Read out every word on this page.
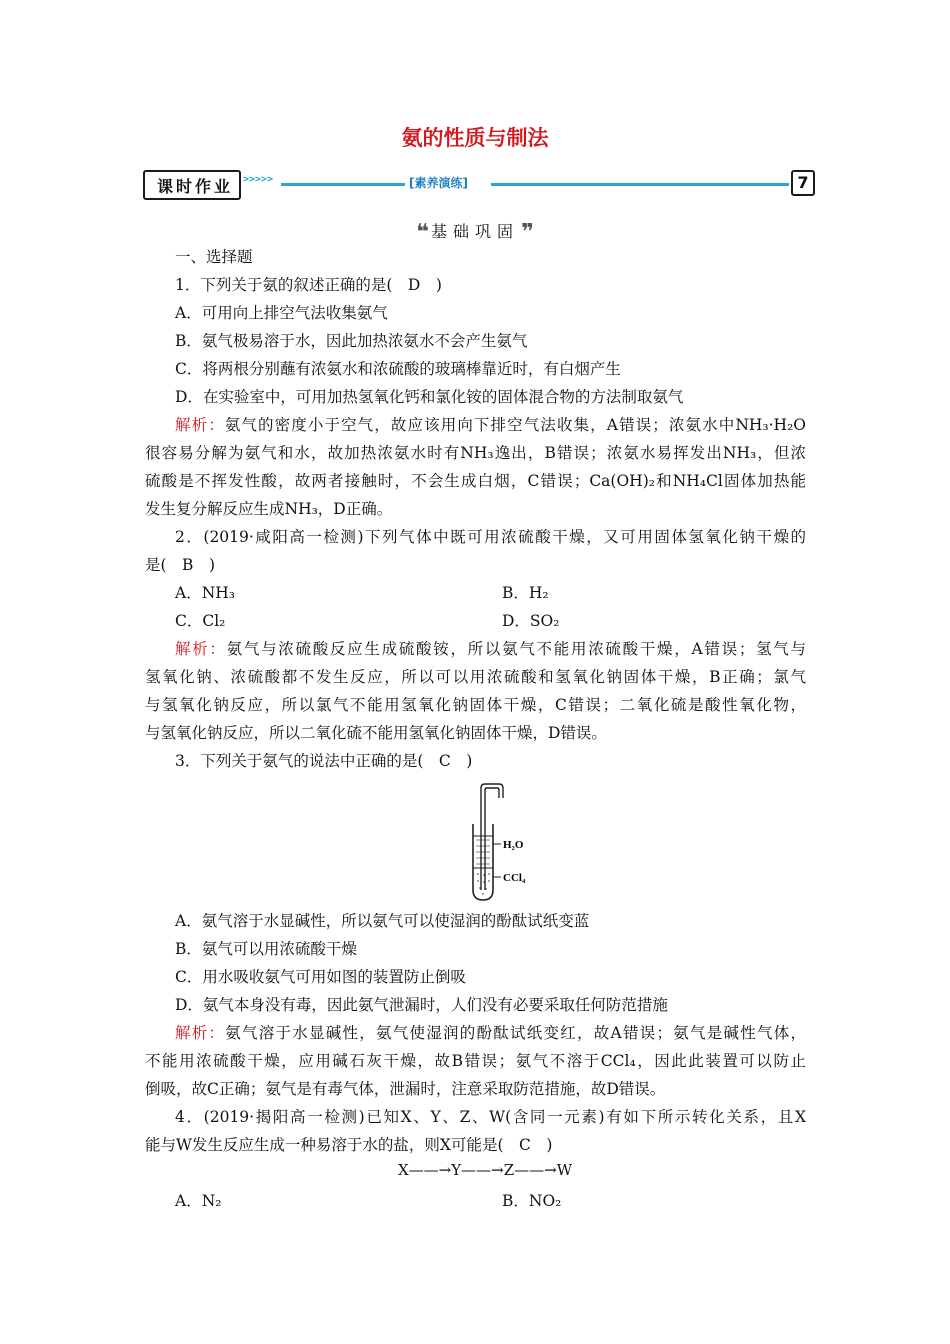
氨的性质与制法
课时作业 >>>>>	[素养演练]	7
❝ 基础巩固❞
一、选择题
1．下列关于氨的叙述正确的是(　D　)
A．可用向上排空气法收集氨气
B．氨气极易溶于水，因此加热浓氨水不会产生氨气
C．将两根分别蘸有浓氨水和浓硫酸的玻璃棒靠近时，有白烟产生
D．在实验室中，可用加热氢氧化钙和氯化铵的固体混合物的方法制取氨气
解析：氨气的密度小于空气，故应该用向下排空气法收集，A错误；浓氨水中NH₃·H₂O
很容易分解为氨气和水，故加热浓氨水时有NH₃逸出，B错误；浓氨水易挥发出NH₃，但浓
硫酸是不挥发性酸，故两者接触时，不会生成白烟，C错误；Ca(OH)₂和NH₄Cl固体加热能
发生复分解反应生成NH₃，D正确。
2．(2019·咸阳高一检测)下列气体中既可用浓硫酸干燥，又可用固体氢氧化钠干燥的
是(　B　)
A．NH₃	B．H₂
C．Cl₂	D．SO₂
解析：氨气与浓硫酸反应生成硫酸铵，所以氨气不能用浓硫酸干燥，A错误；氢气与
氢氧化钠、浓硫酸都不发生反应，所以可以用浓硫酸和氢氧化钠固体干燥，B正确；氯气
与氢氧化钠反应，所以氯气不能用氢氧化钠固体干燥，C错误；二氧化硫是酸性氧化物，
与氢氧化钠反应，所以二氧化硫不能用氢氧化钠固体干燥，D错误。
3．下列关于氨气的说法中正确的是(　C　)
H₂O
CCl₄
A．氨气溶于水显碱性，所以氨气可以使湿润的酚酞试纸变蓝
B．氨气可以用浓硫酸干燥
C．用水吸收氨气可用如图的装置防止倒吸
D．氨气本身没有毒，因此氨气泄漏时，人们没有必要采取任何防范措施
解析：氨气溶于水显碱性，氨气使湿润的酚酞试纸变红，故A错误；氨气是碱性气体，
不能用浓硫酸干燥，应用碱石灰干燥，故B错误；氨气不溶于CCl₄，因此此装置可以防止
倒吸，故C正确；氨气是有毒气体，泄漏时，注意采取防范措施，故D错误。
4．(2019·揭阳高一检测)已知X、Y、Z、W(含同一元素)有如下所示转化关系，且X
能与W发生反应生成一种易溶于水的盐，则X可能是(　C　)
X——→Y——→Z——→W
A．N₂	B．NO₂
